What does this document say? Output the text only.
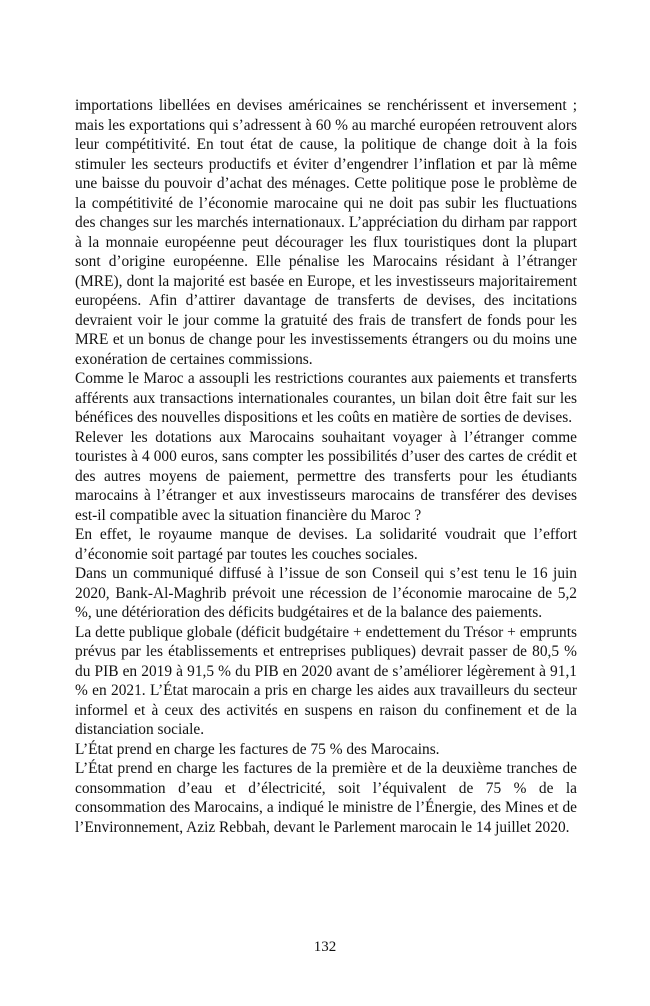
importations libellées en devises américaines se renchérissent et inversement ; mais les exportations qui s’adressent à 60 % au marché européen retrouvent alors leur compétitivité. En tout état de cause, la politique de change doit à la fois stimuler les secteurs productifs et éviter d’engendrer l’inflation et par là même une baisse du pouvoir d’achat des ménages. Cette politique pose le problème de la compétitivité de l’économie marocaine qui ne doit pas subir les fluctuations des changes sur les marchés internationaux. L’appréciation du dirham par rapport à la monnaie européenne peut décourager les flux touristiques dont la plupart sont d’origine européenne. Elle pénalise les Marocains résidant à l’étranger (MRE), dont la majorité est basée en Europe, et les investisseurs majoritairement européens. Afin d’attirer davantage de transferts de devises, des incitations devraient voir le jour comme la gratuité des frais de transfert de fonds pour les MRE et un bonus de change pour les investissements étrangers ou du moins une exonération de certaines commissions.

Comme le Maroc a assoupli les restrictions courantes aux paiements et transferts afférents aux transactions internationales courantes, un bilan doit être fait sur les bénéfices des nouvelles dispositions et les coûts en matière de sorties de devises.

Relever les dotations aux Marocains souhaitant voyager à l’étranger comme touristes à 4 000 euros, sans compter les possibilités d’user des cartes de crédit et des autres moyens de paiement, permettre des transferts pour les étudiants marocains à l’étranger et aux investisseurs marocains de transférer des devises est-il compatible avec la situation financière du Maroc ?

En effet, le royaume manque de devises. La solidarité voudrait que l’effort d’économie soit partagé par toutes les couches sociales.

Dans un communiqué diffusé à l’issue de son Conseil qui s’est tenu le 16 juin 2020, Bank-Al-Maghrib prévoit une récession de l’économie marocaine de 5,2 %, une détérioration des déficits budgétaires et de la balance des paiements.

La dette publique globale (déficit budgétaire + endettement du Trésor + emprunts prévus par les établissements et entreprises publiques) devrait passer de 80,5 % du PIB en 2019 à 91,5 % du PIB en 2020 avant de s’améliorer légèrement à 91,1 % en 2021. L’État marocain a pris en charge les aides aux travailleurs du secteur informel et à ceux des activités en suspens en raison du confinement et de la distanciation sociale.

L’État prend en charge les factures de 75 % des Marocains.

L’État prend en charge les factures de la première et de la deuxième tranches de consommation d’eau et d’électricité, soit l’équivalent de 75 % de la consommation des Marocains, a indiqué le ministre de l’Énergie, des Mines et de l’Environnement, Aziz Rebbah, devant le Parlement marocain le 14 juillet 2020.

132
